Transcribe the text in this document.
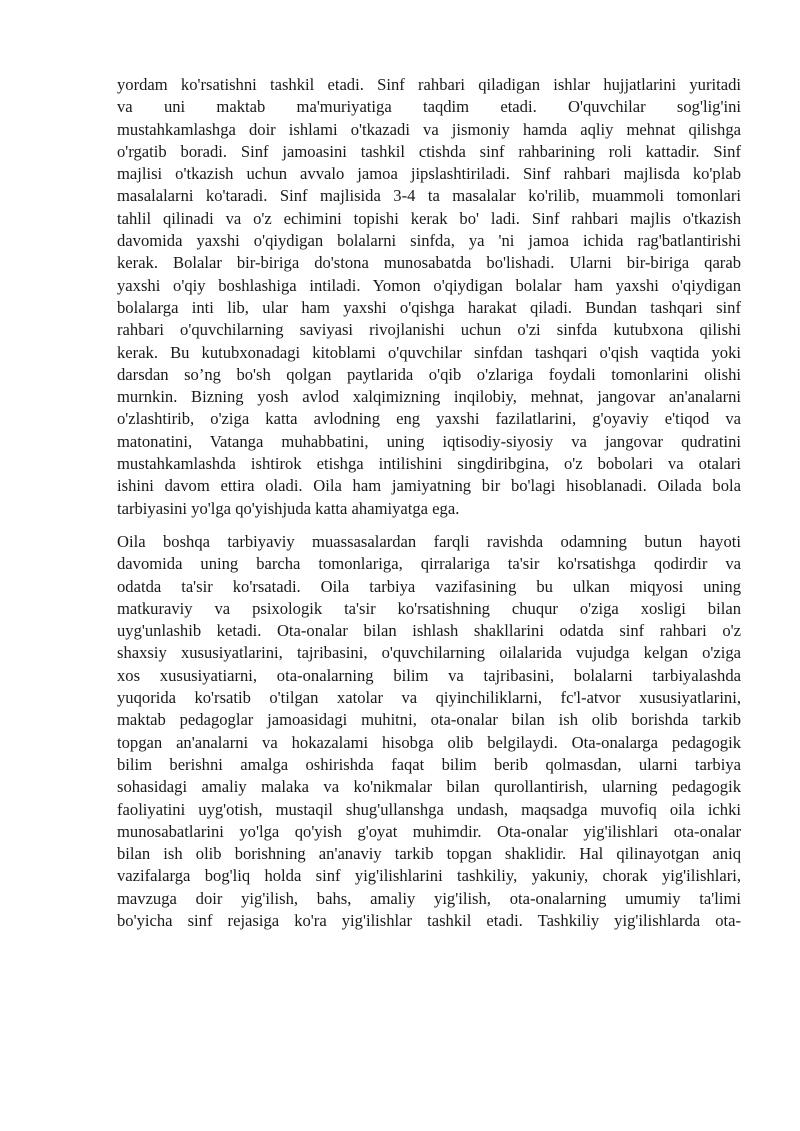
yordam ko'rsatishni tashkil etadi. Sinf rahbari qiladigan ishlar hujjatlarini yuritadi
va uni maktab ma'muriyatiga taqdim etadi. O'quvchilar sog'lig'ini
mustahkamlashga doir ishlami o'tkazadi va jismoniy hamda aqliy mehnat qilishga
o'rgatib boradi. Sinf jamoasini tashkil ctishda sinf rahbarining roli kattadir. Sinf
majlisi o'tkazish uchun avvalo jamoa jipslashtiriladi. Sinf rahbari majlisda ko'plab
masalalarni ko'taradi. Sinf majlisida 3-4 ta masalalar ko'rilib, muammoli tomonlari
tahlil qilinadi va o'z echimini topishi kerak bo' ladi. Sinf rahbari majlis o'tkazish
davomida yaxshi o'qiydigan bolalarni sinfda, ya 'ni jamoa ichida rag'batlantirishi
kerak. Bolalar bir-biriga do'stona munosabatda bo'lishadi. Ularni bir-biriga qarab
yaxshi o'qiy boshlashiga intiladi. Yomon o'qiydigan bolalar ham yaxshi o'qiydigan
bolalarga inti lib, ular ham yaxshi o'qishga harakat qiladi. Bundan tashqari sinf
rahbari o'quvchilarning saviyasi rivojlanishi uchun o'zi sinfda kutubxona qilishi
kerak. Bu kutubxonadagi kitoblami o'quvchilar sinfdan tashqari o'qish vaqtida yoki
darsdan so’ng bo'sh qolgan paytlarida o'qib o'zlariga foydali tomonlarini olishi
murnkin. Bizning yosh avlod xalqimizning inqilobiy, mehnat, jangovar an'analarni
o'zlashtirib, o'ziga katta avlodning eng yaxshi fazilatlarini, g'oyaviy e'tiqod va
matonatini, Vatanga muhabbatini, uning iqtisodiy-siyosiy va jangovar qudratini
mustahkamlashda ishtirok etishga intilishini singdiribgina, o'z bobolari va otalari
ishini davom ettira oladi. Oila ham jamiyatning bir bo'lagi hisoblanadi. Oilada bola
tarbiyasini yo'lga qo'yishjuda katta ahamiyatga ega.
Oila boshqa tarbiyaviy muassasalardan farqli ravishda odamning butun hayoti
davomida uning barcha tomonlariga, qirralariga ta'sir ko'rsatishga qodirdir va
odatda ta'sir ko'rsatadi. Oila tarbiya vazifasining bu ulkan miqyosi uning
matkuraviy va psixologik ta'sir ko'rsatishning chuqur o'ziga xosligi bilan
uyg'unlashib ketadi. Ota-onalar bilan ishlash shakllarini odatda sinf rahbari o'z
shaxsiy xususiyatlarini, tajribasini, o'quvchilarning oilalarida vujudga kelgan o'ziga
xos xususiyatiarni, ota-onalarning bilim va tajribasini, bolalarni tarbiyalashda
yuqorida ko'rsatib o'tilgan xatolar va qiyinchiliklarni, fc'l-atvor xususiyatlarini,
maktab pedagoglar jamoasidagi muhitni, ota-onalar bilan ish olib borishda tarkib
topgan an'analarni va hokazalami hisobga olib belgilaydi. Ota-onalarga pedagogik
bilim berishni amalga oshirishda faqat bilim berib qolmasdan, ularni tarbiya
sohasidagi amaliy malaka va ko'nikmalar bilan qurollantirish, ularning pedagogik
faoliyatini uyg'otish, mustaqil shug'ullanshga undash, maqsadga muvofiq oila ichki
munosabatlarini yo'lga qo'yish g'oyat muhimdir. Ota-onalar yig'ilishlari ota-onalar
bilan ish olib borishning an'anaviy tarkib topgan shaklidir. Hal qilinayotgan aniq
vazifalarga bog'liq holda sinf yig'ilishlarini tashkiliy, yakuniy, chorak yig'ilishlari,
mavzuga doir yig'ilish, bahs, amaliy yig'ilish, ota-onalarning umumiy ta'limi
bo'yicha sinf rejasiga ko'ra yig'ilishlar tashkil etadi. Tashkiliy yig'ilishlarda ota-
